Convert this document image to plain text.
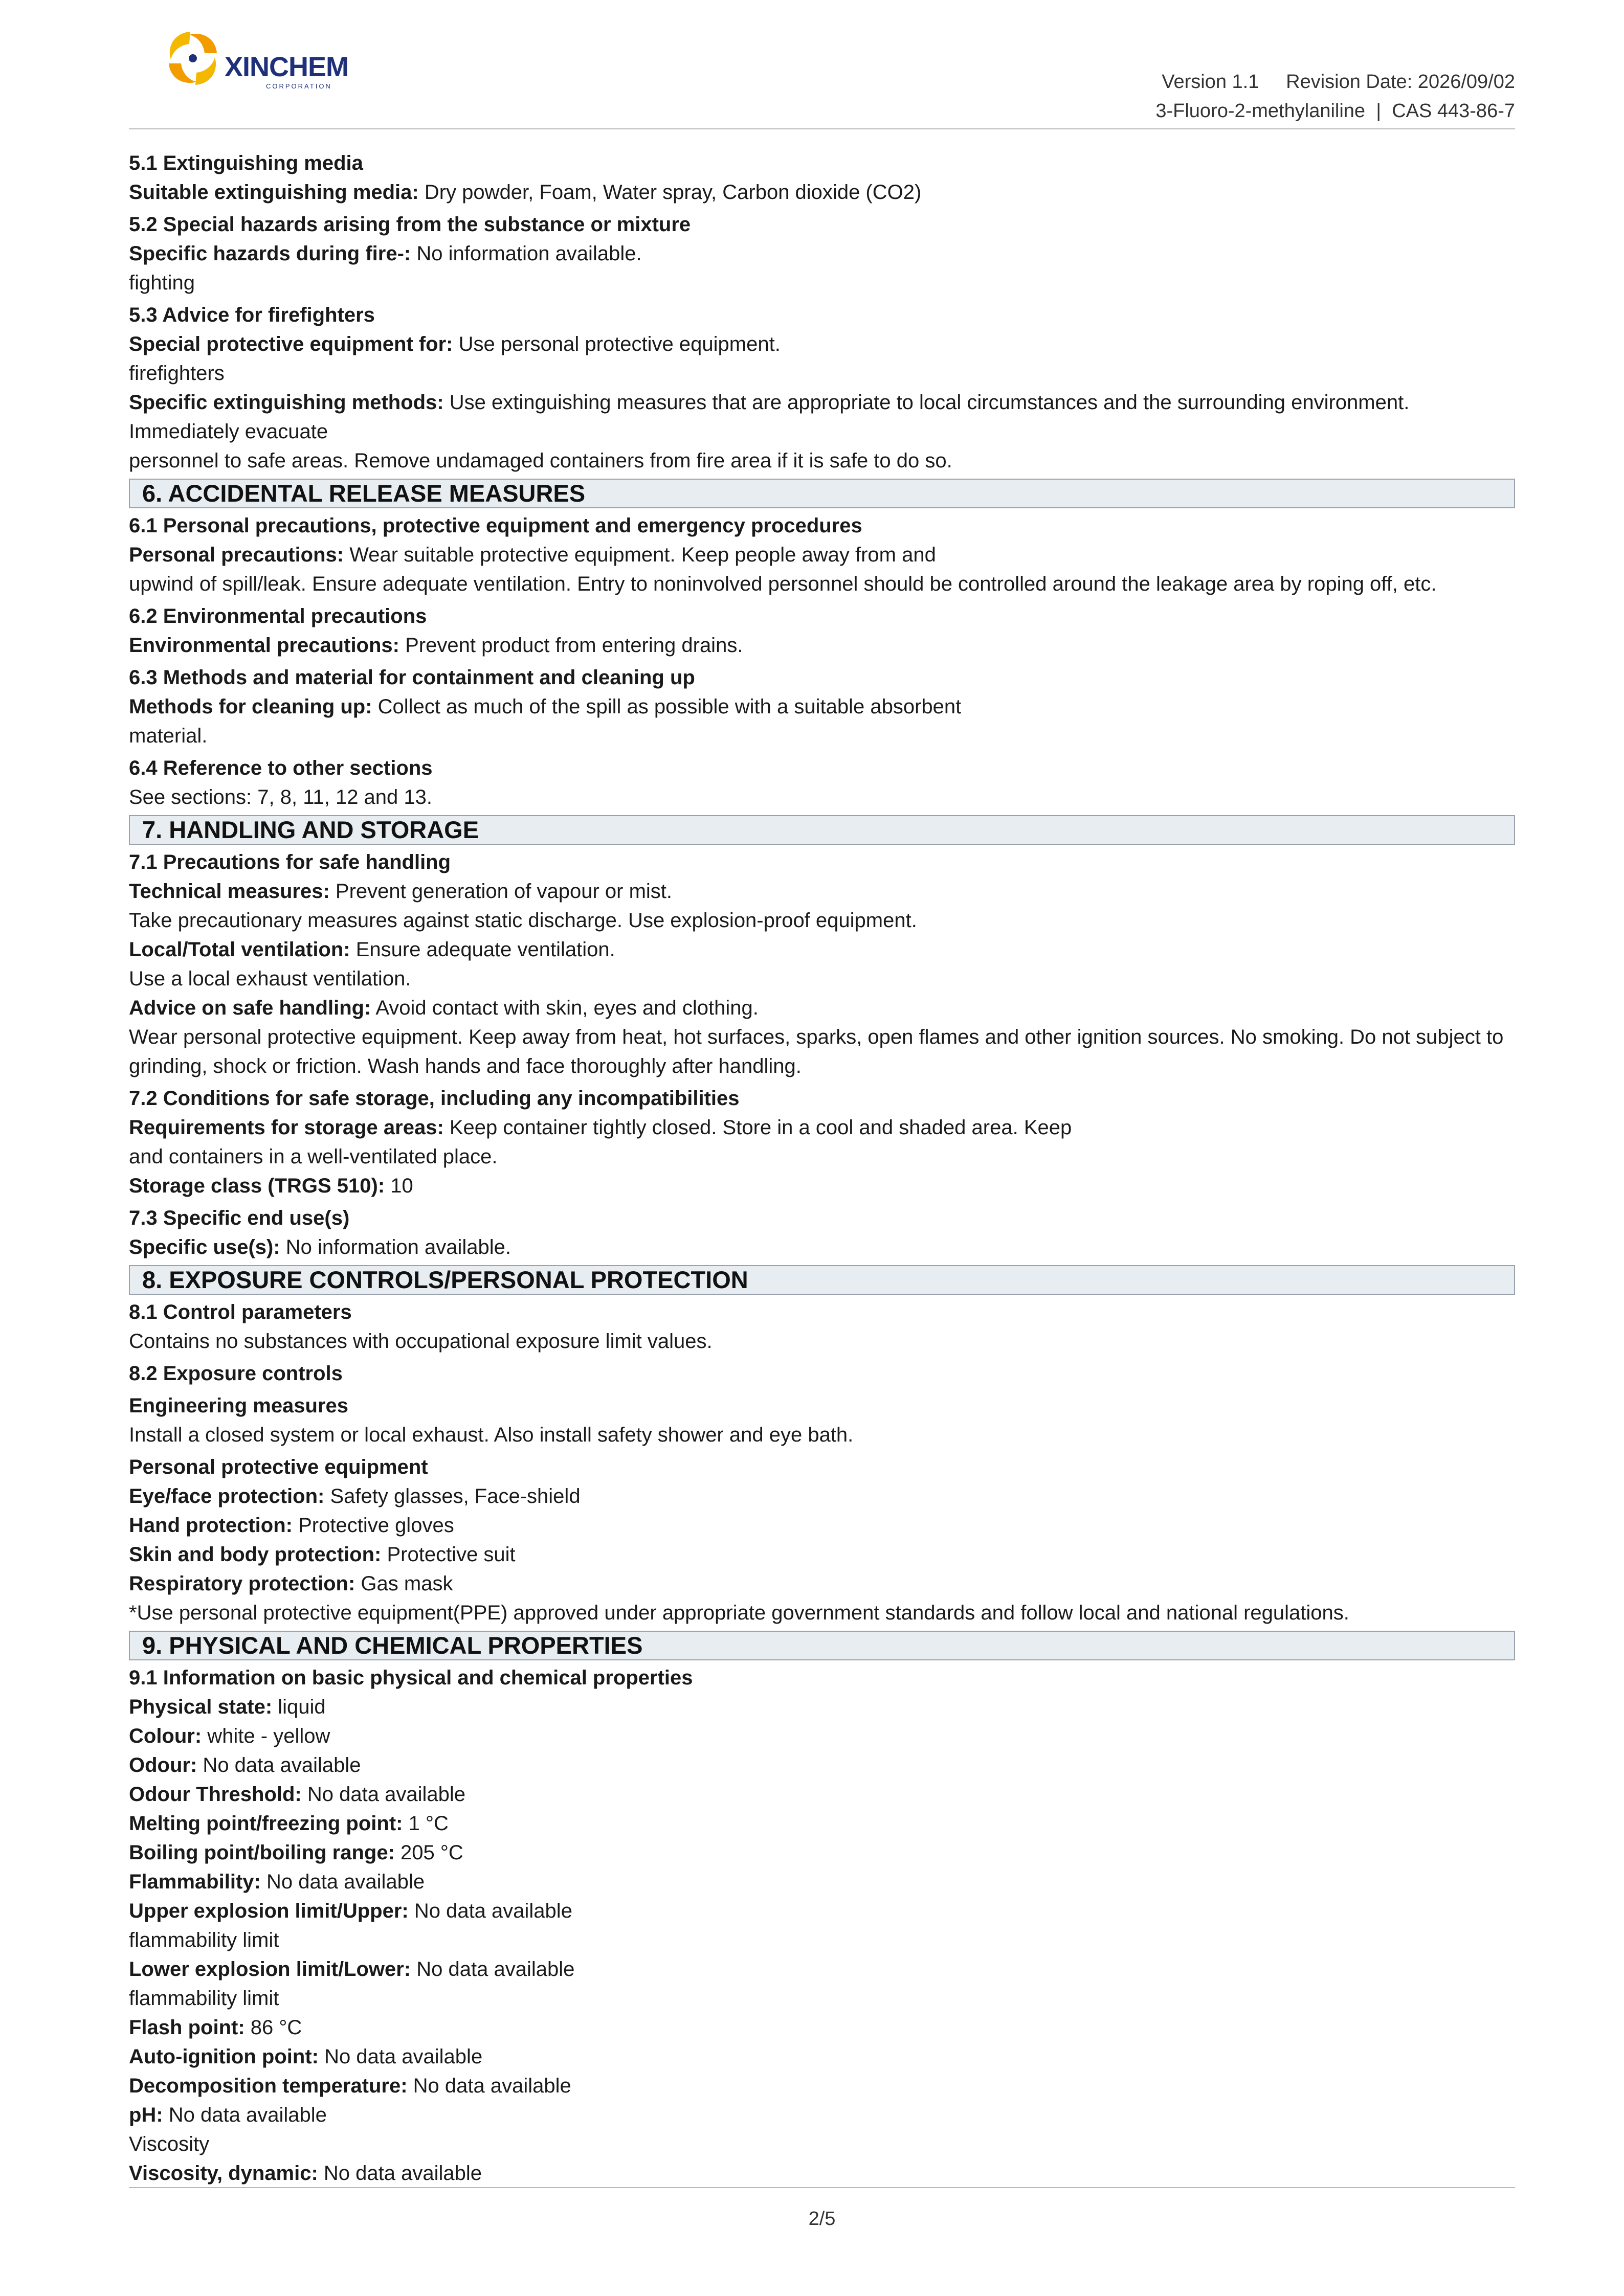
XINCHEM
CORPORATION	Version 1.1 Revision Date: 2026/09/02
3-Fluoro-2-methylaniline | CAS 443-86-7
5.1 Extinguishing media
Suitable extinguishing media: Dry powder, Foam, Water spray, Carbon dioxide (CO2)
5.2 Special hazards arising from the substance or mixture
Specific hazards during fire-: No information available.
fighting
5.3 Advice for firefighters
Special protective equipment for: Use personal protective equipment.
firefighters
Specific extinguishing methods: Use extinguishing measures that are appropriate to local circumstances and the surrounding environment. Immediately evacuate
personnel to safe areas. Remove undamaged containers from fire area if it is safe to do so.
6. ACCIDENTAL RELEASE MEASURES
6.1 Personal precautions, protective equipment and emergency procedures
Personal precautions: Wear suitable protective equipment. Keep people away from and
upwind of spill/leak. Ensure adequate ventilation. Entry to noninvolved personnel should be controlled around the leakage area by roping off, etc.
6.2 Environmental precautions
Environmental precautions: Prevent product from entering drains.
6.3 Methods and material for containment and cleaning up
Methods for cleaning up: Collect as much of the spill as possible with a suitable absorbent
material.
6.4 Reference to other sections
See sections: 7, 8, 11, 12 and 13.
7. HANDLING AND STORAGE
7.1 Precautions for safe handling
Technical measures: Prevent generation of vapour or mist.
Take precautionary measures against static discharge. Use explosion-proof equipment.
Local/Total ventilation: Ensure adequate ventilation.
Use a local exhaust ventilation.
Advice on safe handling: Avoid contact with skin, eyes and clothing.
Wear personal protective equipment. Keep away from heat, hot surfaces, sparks, open flames and other ignition sources. No smoking. Do not subject to grinding, shock or friction. Wash hands and face thoroughly after handling.
7.2 Conditions for safe storage, including any incompatibilities
Requirements for storage areas: Keep container tightly closed. Store in a cool and shaded area. Keep
and containers in a well-ventilated place.
Storage class (TRGS 510): 10
7.3 Specific end use(s)
Specific use(s): No information available.
8. EXPOSURE CONTROLS/PERSONAL PROTECTION
8.1 Control parameters
Contains no substances with occupational exposure limit values.
8.2 Exposure controls
Engineering measures
Install a closed system or local exhaust. Also install safety shower and eye bath.
Personal protective equipment
Eye/face protection: Safety glasses, Face-shield
Hand protection: Protective gloves
Skin and body protection: Protective suit
Respiratory protection: Gas mask
*Use personal protective equipment(PPE) approved under appropriate government standards and follow local and national regulations.
9. PHYSICAL AND CHEMICAL PROPERTIES
9.1 Information on basic physical and chemical properties
Physical state: liquid
Colour: white - yellow
Odour: No data available
Odour Threshold: No data available
Melting point/freezing point: 1 °C
Boiling point/boiling range: 205 °C
Flammability: No data available
Upper explosion limit/Upper: No data available
flammability limit
Lower explosion limit/Lower: No data available
flammability limit
Flash point: 86 °C
Auto-ignition point: No data available
Decomposition temperature: No data available
pH: No data available
Viscosity
Viscosity, dynamic: No data available
2/5
